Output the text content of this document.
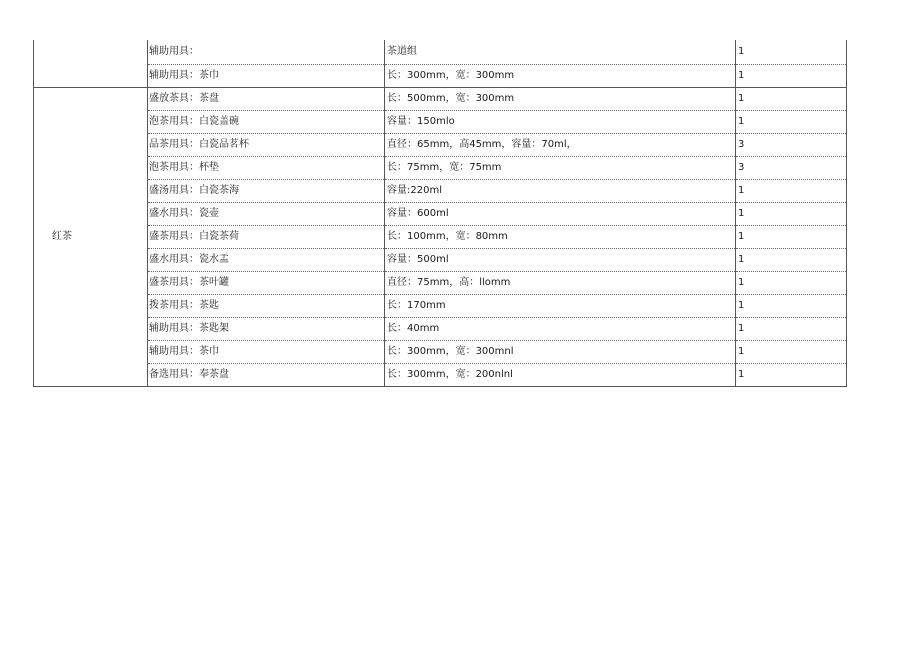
	辅助用具：	茶道组	1
	辅助用具：茶巾	长：300mm，宽：300mm	1
红茶	盛放茶具：茶盘	长：500mm，宽：300mm	1
	泡茶用具：白瓷盖碗	容量：150mlo	1
	品茶用具：白瓷品茗杯	直径：65mm，高45mm，容量：70ml，	3
	泡茶用具：杯垫	长：75mm，宽：75mm	3
	盛汤用具：白瓷茶海	容量:220ml	1
	盛水用具：瓷壶	容量：600ml	1
	盛茶用具：白瓷茶荷	长：100mm，宽：80mm	1
	盛水用具：瓷水盂	容量：500ml	1
	盛茶用具：茶叶罐	直径：75mm，高：llomm	1
	拨茶用具：茶匙	长：170mm	1
	辅助用具：茶匙架	长：40mm	1
	辅助用具：茶巾	长：300mm，宽：300mnl	1
	备选用具：奉茶盘	长：300mm，宽：200nlnl	1
